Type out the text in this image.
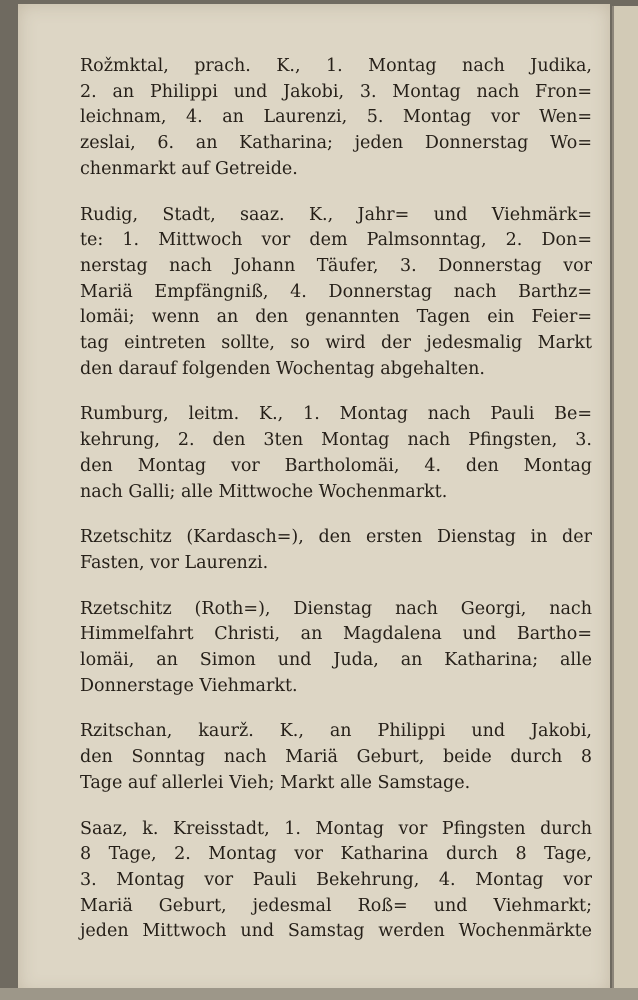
Rožmktal, prach. K., 1. Montag nach Judika,
2. an Philippi und Jakobi, 3. Montag nach Fron=
leichnam, 4. an Laurenzi, 5. Montag vor Wen=
zeslai, 6. an Katharina; jeden Donnerstag Wo=
chenmarkt auf Getreide.
Rudig, Stadt, saaz. K., Jahr= und Viehmärk=
te: 1. Mittwoch vor dem Palmsonntag, 2. Don=
nerstag nach Johann Täufer, 3. Donnerstag vor
Mariä Empfängniß, 4. Donnerstag nach Barthz=
lomäi; wenn an den genannten Tagen ein Feier=
tag eintreten sollte, so wird der jedesmalig Markt
den darauf folgenden Wochentag abgehalten.
Rumburg, leitm. K., 1. Montag nach Pauli Be=
kehrung, 2. den 3ten Montag nach Pfingsten, 3.
den Montag vor Bartholomäi, 4. den Montag
nach Galli; alle Mittwoche Wochenmarkt.
Rzetschitz (Kardasch=), den ersten Dienstag in der
Fasten, vor Laurenzi.
Rzetschitz (Roth=), Dienstag nach Georgi, nach
Himmelfahrt Christi, an Magdalena und Bartho=
lomäi, an Simon und Juda, an Katharina; alle
Donnerstage Viehmarkt.
Rzitschan, kaurž. K., an Philippi und Jakobi,
den Sonntag nach Mariä Geburt, beide durch 8
Tage auf allerlei Vieh; Markt alle Samstage.
Saaz, k. Kreisstadt, 1. Montag vor Pfingsten durch
8 Tage, 2. Montag vor Katharina durch 8 Tage,
3. Montag vor Pauli Bekehrung, 4. Montag vor
Mariä Geburt, jedesmal Roß= und Viehmarkt;
jeden Mittwoch und Samstag werden Wochenmärkte
